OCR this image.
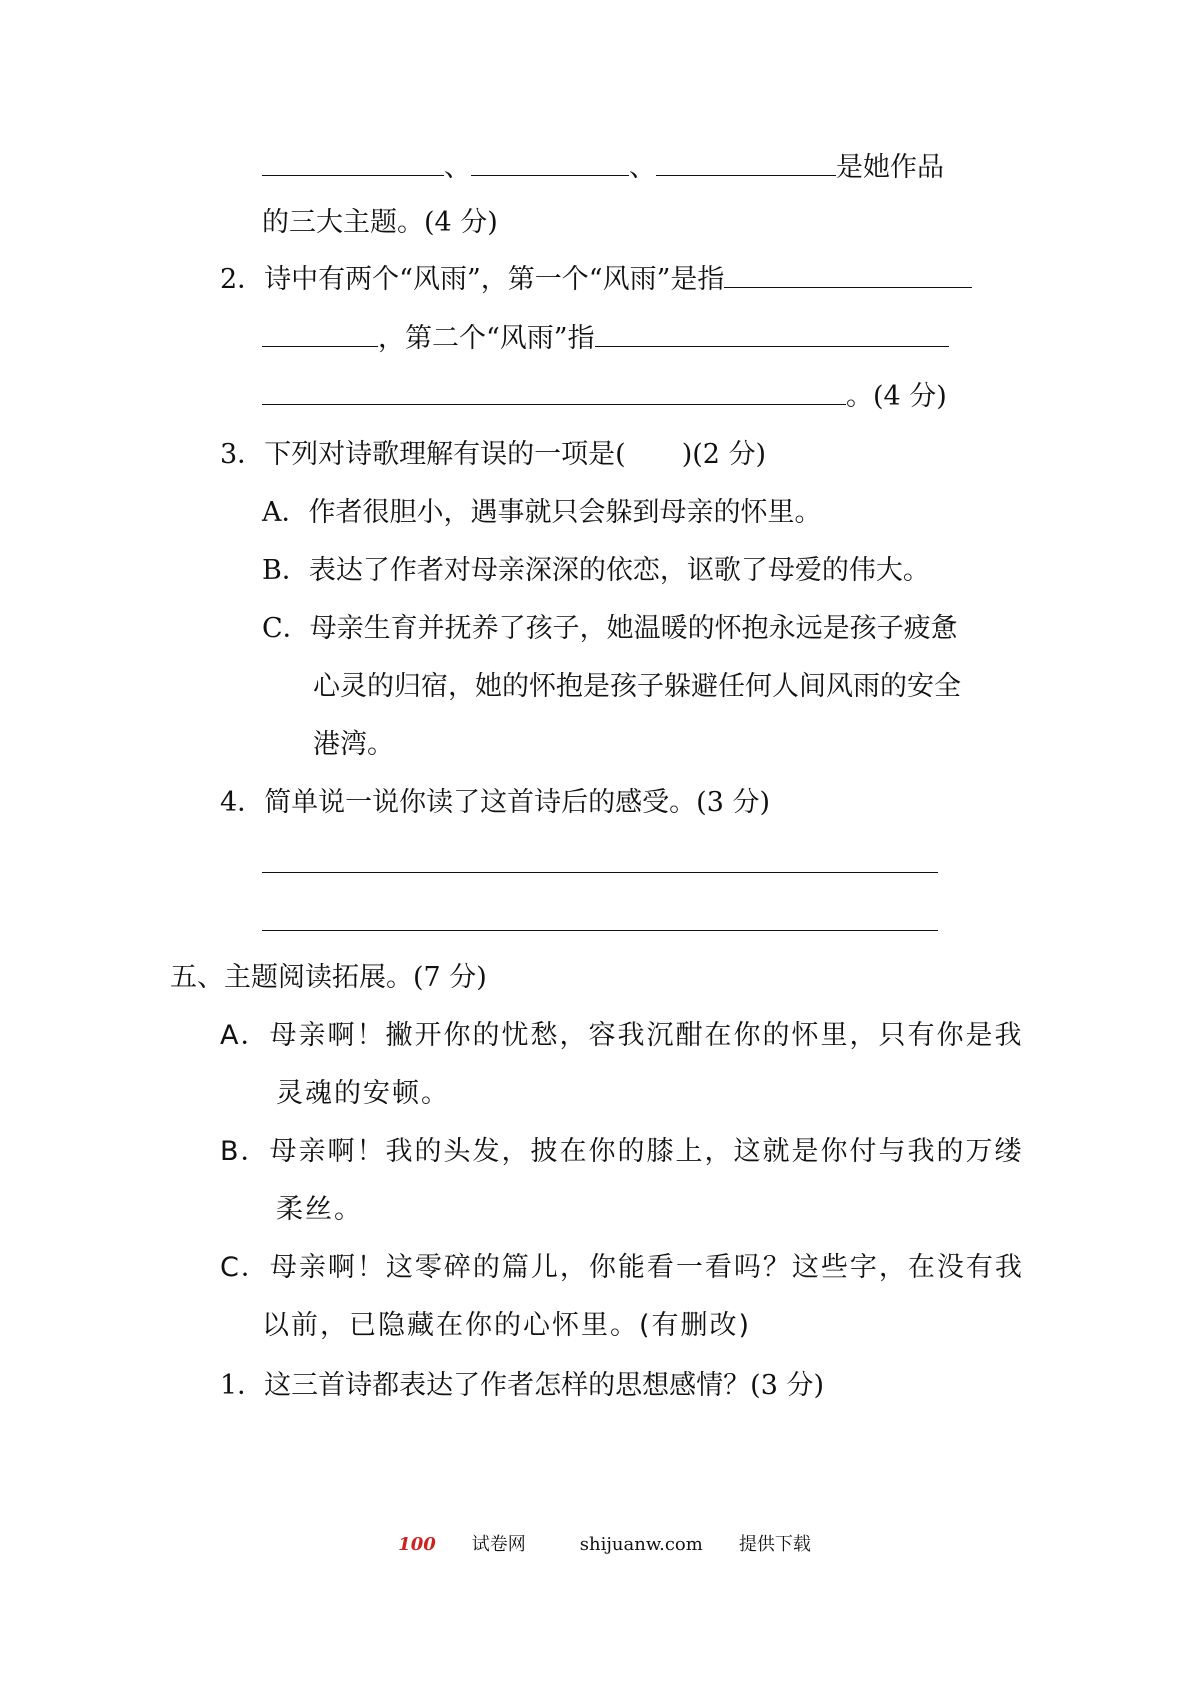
、	、	是她作品
的三大主题。(4 分)
2．诗中有两个“风雨”，第一个“风雨”是指
，第二个“风雨”指
。(4 分)
3．下列对诗歌理解有误的一项是( )(2 分)
A．作者很胆小，遇事就只会躲到母亲的怀里。
B．表达了作者对母亲深深的依恋，讴歌了母爱的伟大。
C．母亲生育并抚养了孩子，她温暖的怀抱永远是孩子疲惫
心灵的归宿，她的怀抱是孩子躲避任何人间风雨的安全
港湾。
4．简单说一说你读了这首诗后的感受。(3 分)
五、主题阅读拓展。(7 分)
A．母亲啊！撇开你的忧愁，容我沉酣在你的怀里，只有你是我
灵魂的安顿。
B．母亲啊！我的头发，披在你的膝上，这就是你付与我的万缕
柔丝。
C．母亲啊！这零碎的篇儿，你能看一看吗？这些字，在没有我
以前，已隐藏在你的心怀里。(有删改)
1．这三首诗都表达了作者怎样的思想感情？(3 分)
100 试卷网	shijuanw.com 提供下载
